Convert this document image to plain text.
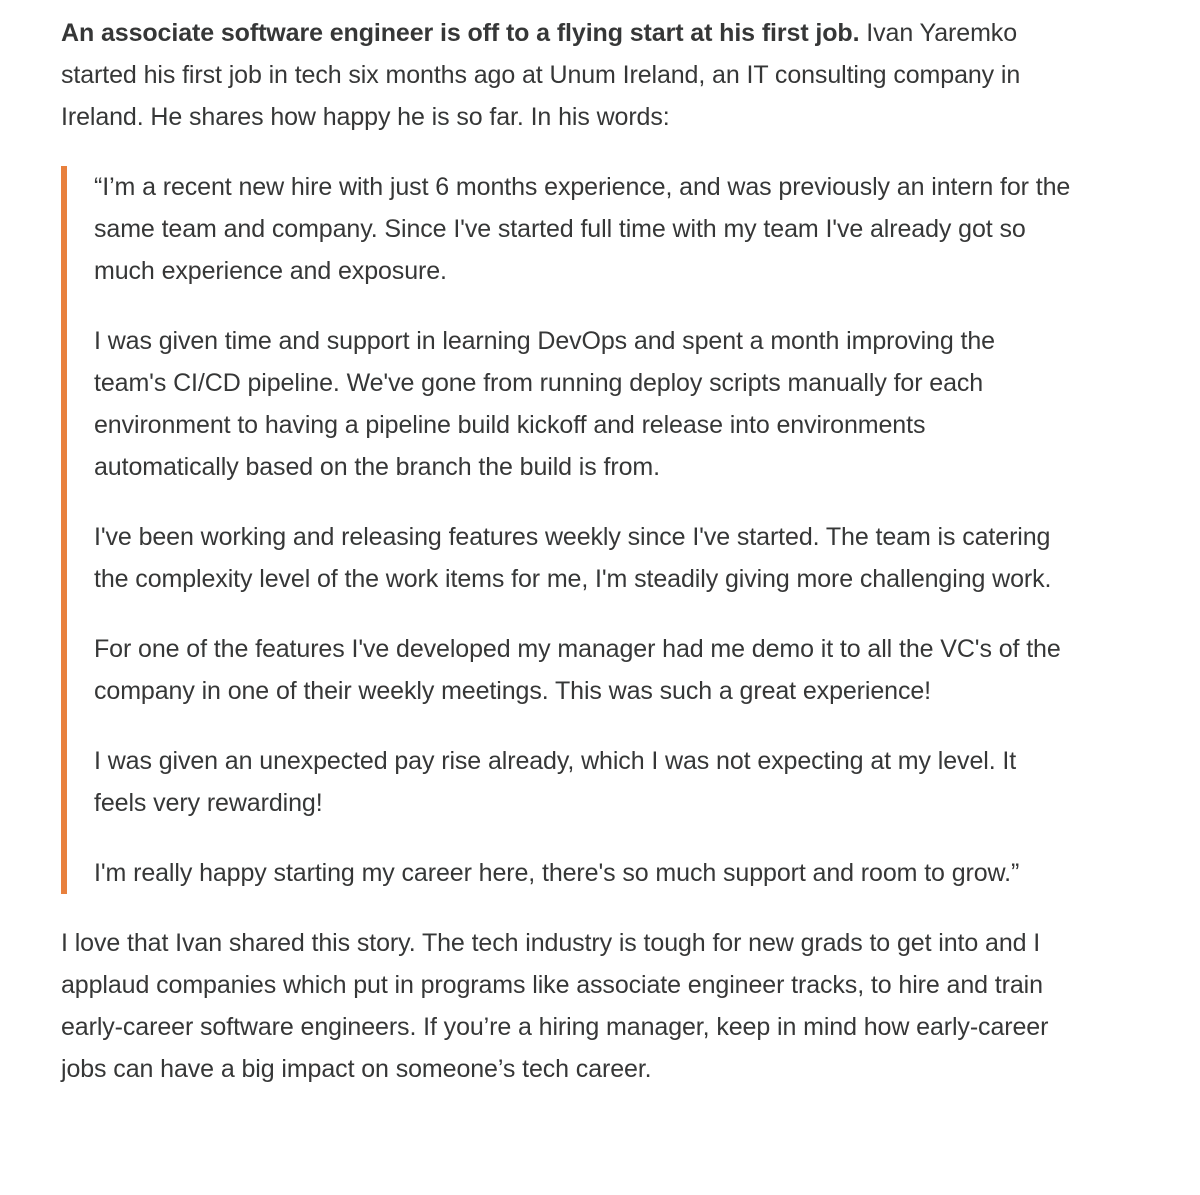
An associate software engineer is off to a flying start at his first job. Ivan Yaremko started his first job in tech six months ago at Unum Ireland, an IT consulting company in Ireland. He shares how happy he is so far. In his words:

“I’m a recent new hire with just 6 months experience, and was previously an intern for the same team and company. Since I've started full time with my team I've already got so much experience and exposure.

I was given time and support in learning DevOps and spent a month improving the team's CI/CD pipeline. We've gone from running deploy scripts manually for each environment to having a pipeline build kickoff and release into environments automatically based on the branch the build is from.

I've been working and releasing features weekly since I've started. The team is catering the complexity level of the work items for me, I'm steadily giving more challenging work.

For one of the features I've developed my manager had me demo it to all the VC's of the company in one of their weekly meetings. This was such a great experience!

I was given an unexpected pay rise already, which I was not expecting at my level. It feels very rewarding!

I'm really happy starting my career here, there's so much support and room to grow.”

I love that Ivan shared this story. The tech industry is tough for new grads to get into and I applaud companies which put in programs like associate engineer tracks, to hire and train early-career software engineers. If you’re a hiring manager, keep in mind how early-career jobs can have a big impact on someone’s tech career.
